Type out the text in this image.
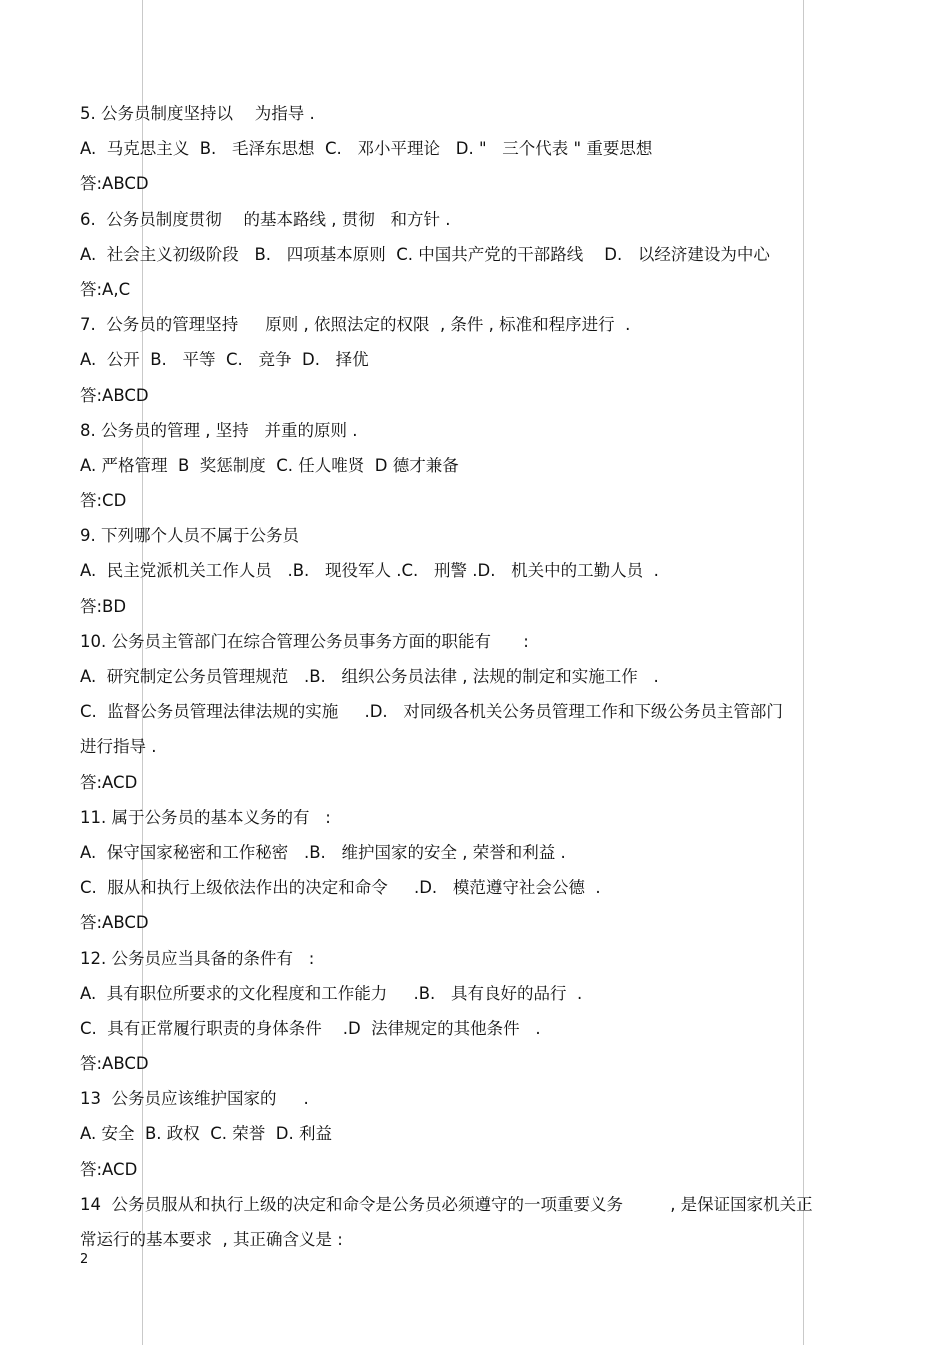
5. 公务员制度坚持以　 为指导 .
A.  马克思主义  B.   毛泽东思想  C.   邓小平理论   D. "   三个代表 " 重要思想
答:ABCD
6.  公务员制度贯彻　 的基本路线 , 贯彻   和方针 .
A.  社会主义初级阶段   B.   四项基本原则  C. 中国共产党的干部路线    D.   以经济建设为中心
答:A,C
7.  公务员的管理坚持　  原则 , 依照法定的权限  , 条件 , 标准和程序进行  .
A.  公开  B.   平等  C.   竞争  D.   择优
答:ABCD
8. 公务员的管理 , 坚持   并重的原则 .
A. 严格管理  B  奖惩制度  C. 任人唯贤  D 德才兼备
答:CD
9. 下列哪个人员不属于公务员
A.  民主党派机关工作人员   .B.   现役军人 .C.   刑警 .D.   机关中的工勤人员  .
答:BD
10. 公务员主管部门在综合管理公务员事务方面的职能有　   :
A.  研究制定公务员管理规范   .B.   组织公务员法律 , 法规的制定和实施工作   .
C.  监督公务员管理法律法规的实施     .D.   对同级各机关公务员管理工作和下级公务员主管部门
进行指导 .
答:ACD
11. 属于公务员的基本义务的有   :
A.  保守国家秘密和工作秘密   .B.   维护国家的安全 , 荣誉和利益 .
C.  服从和执行上级依法作出的决定和命令     .D.   模范遵守社会公德  .
答:ABCD
12. 公务员应当具备的条件有   :
A.  具有职位所要求的文化程度和工作能力     .B.   具有良好的品行  .
C.  具有正常履行职责的身体条件    .D  法律规定的其他条件   .
答:ABCD
13  公务员应该维护国家的　  .
A. 安全  B. 政权  C. 荣誉  D. 利益
答:ACD
14  公务员服从和执行上级的决定和命令是公务员必须遵守的一项重要义务         , 是保证国家机关正
常运行的基本要求  , 其正确含义是 :
2
